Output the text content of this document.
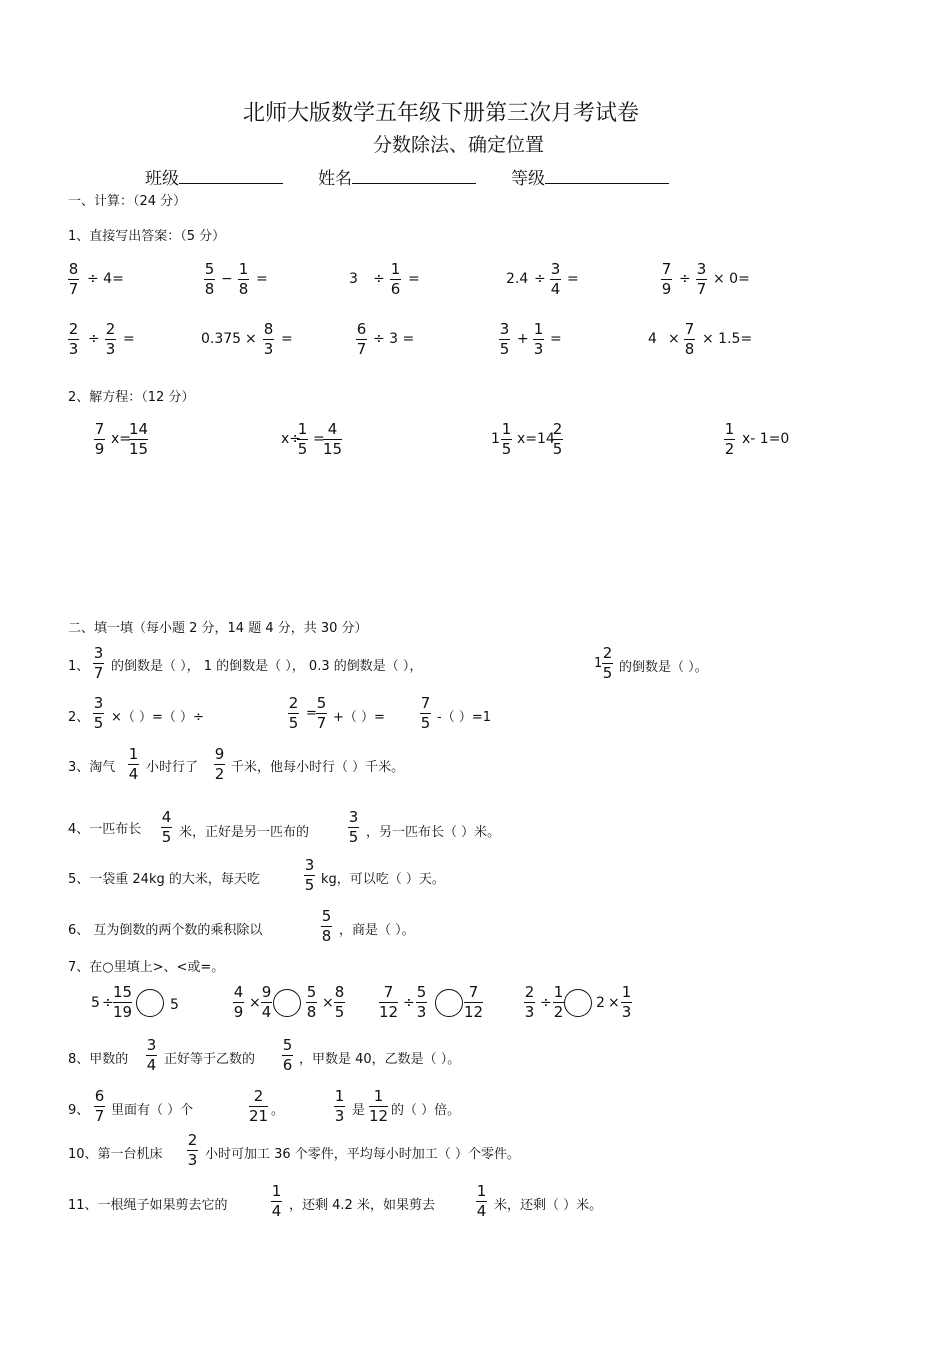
北师大版数学五年级下册第三次月考试卷
分数除法、确定位置
班级	姓名	等级
一、计算：（24 分）
1、直接写出答案：（5 分）
8
7
÷ 4=
5
8
−
1
8
=	3 ÷
1
6
=	2.4 ÷
3
4
=
7
9
÷
3
7
× 0=
2
3
÷
2
3
=	0.375 ×
8
3
=
6
7
÷ 3 =
3
5
+
1
3
=	4 ×
7
8
× 1.5=
2、解方程：（12 分）
7
9
x=
14
15
x÷
1
5
=
4
15
1
1
5
x=14
2
5
1
2
x- 1=0
二、填一填（每小题 2 分，14 题 4 分，共 30 分）
1、
3
7 的倒数是（ ）， 1 的倒数是（ ）， 0.3 的倒数是（ ），	1
2
5 的倒数是（ ）。
2、
3
5 ×（ ）=（ ）÷
2
5
=
5
7 +（ ）=
7
5 -（ ）=1
3、淘气
1
4 小时行了
9
2 千米，他每小时行（ ）千米。
4、一匹布长
4
5 米，正好是另一匹布的
3
5 ，另一匹布长（ ）米。
5、一袋重 24kg 的大米，每天吃
3
5 kg，可以吃（ ）天。
6、 互为倒数的两个数的乘积除以
5
8 ，商是（ ）。
7、在○里填上>、<或=。
5 ÷
15
19	5
4
9 ×
9
4
5
8 ×
8
5
7
12 ÷
5
3
7
12
2
3 ÷
1
2 2 ×
1
3
8、甲数的
3
4 正好等于乙数的
5
6 ，甲数是 40，乙数是（ ）。
9、
6
7 里面有（ ）个
2
21 。
1
3 是
1
12 的（ ）倍。
10、第一台机床
2
3 小时可加工 36 个零件，平均每小时加工（ ）个零件。
11、一根绳子如果剪去它的
1
4 ，还剩 4.2 米，如果剪去
1
4 米，还剩（ ）米。
